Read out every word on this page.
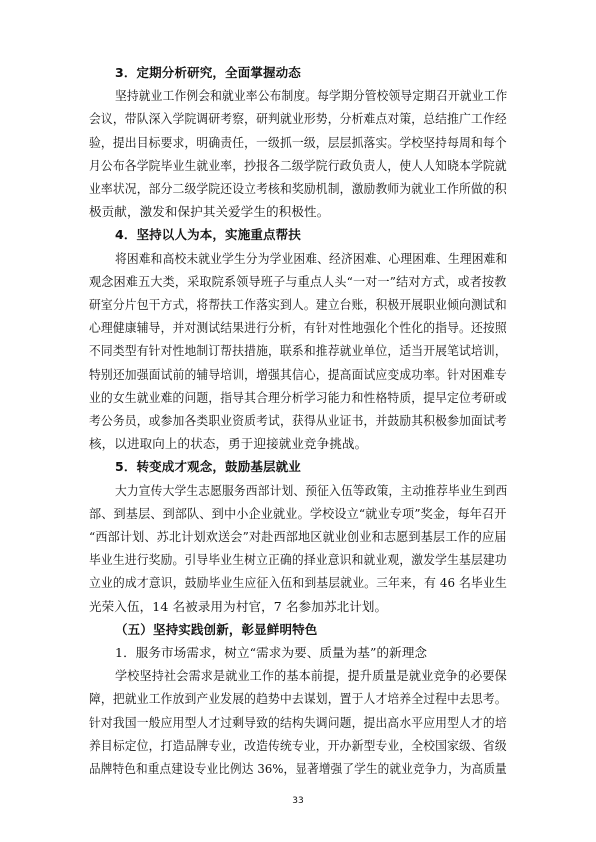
3．定期分析研究，全面掌握动态
坚持就业工作例会和就业率公布制度。每学期分管校领导定期召开就业工作
会议，带队深入学院调研考察，研判就业形势，分析难点对策，总结推广工作经
验，提出目标要求，明确责任，一级抓一级，层层抓落实。学校坚持每周和每个
月公布各学院毕业生就业率，抄报各二级学院行政负责人，使人人知晓本学院就
业率状况，部分二级学院还设立考核和奖励机制，激励教师为就业工作所做的积
极贡献，激发和保护其关爱学生的积极性。
4．坚持以人为本，实施重点帮扶
将困难和高校未就业学生分为学业困难、经济困难、心理困难、生理困难和
观念困难五大类，采取院系领导班子与重点人头“一对一”结对方式，或者按教
研室分片包干方式，将帮扶工作落实到人。建立台账，积极开展职业倾向测试和
心理健康辅导，并对测试结果进行分析，有针对性地强化个性化的指导。还按照
不同类型有针对性地制订帮扶措施，联系和推荐就业单位，适当开展笔试培训，
特别还加强面试前的辅导培训，增强其信心，提高面试应变成功率。针对困难专
业的女生就业难的问题，指导其合理分析学习能力和性格特质，提早定位考研或
考公务员，或参加各类职业资质考试，获得从业证书，并鼓励其积极参加面试考
核，以进取向上的状态，勇于迎接就业竞争挑战。
5．转变成才观念，鼓励基层就业
大力宣传大学生志愿服务西部计划、预征入伍等政策，主动推荐毕业生到西
部、到基层、到部队、到中小企业就业。学校设立“就业专项”奖金，每年召开
“西部计划、苏北计划欢送会”对赴西部地区就业创业和志愿到基层工作的应届
毕业生进行奖励。引导毕业生树立正确的择业意识和就业观，激发学生基层建功
立业的成才意识，鼓励毕业生应征入伍和到基层就业。三年来，有 46 名毕业生
光荣入伍，14 名被录用为村官，7 名参加苏北计划。
（五）坚持实践创新，彰显鲜明特色
1．服务市场需求，树立“需求为要、质量为基”的新理念
学校坚持社会需求是就业工作的基本前提，提升质量是就业竞争的必要保
障，把就业工作放到产业发展的趋势中去谋划，置于人才培养全过程中去思考。
针对我国一般应用型人才过剩导致的结构失调问题，提出高水平应用型人才的培
养目标定位，打造品牌专业，改造传统专业，开办新型专业，全校国家级、省级
品牌特色和重点建设专业比例达 36%，显著增强了学生的就业竞争力，为高质量
33
